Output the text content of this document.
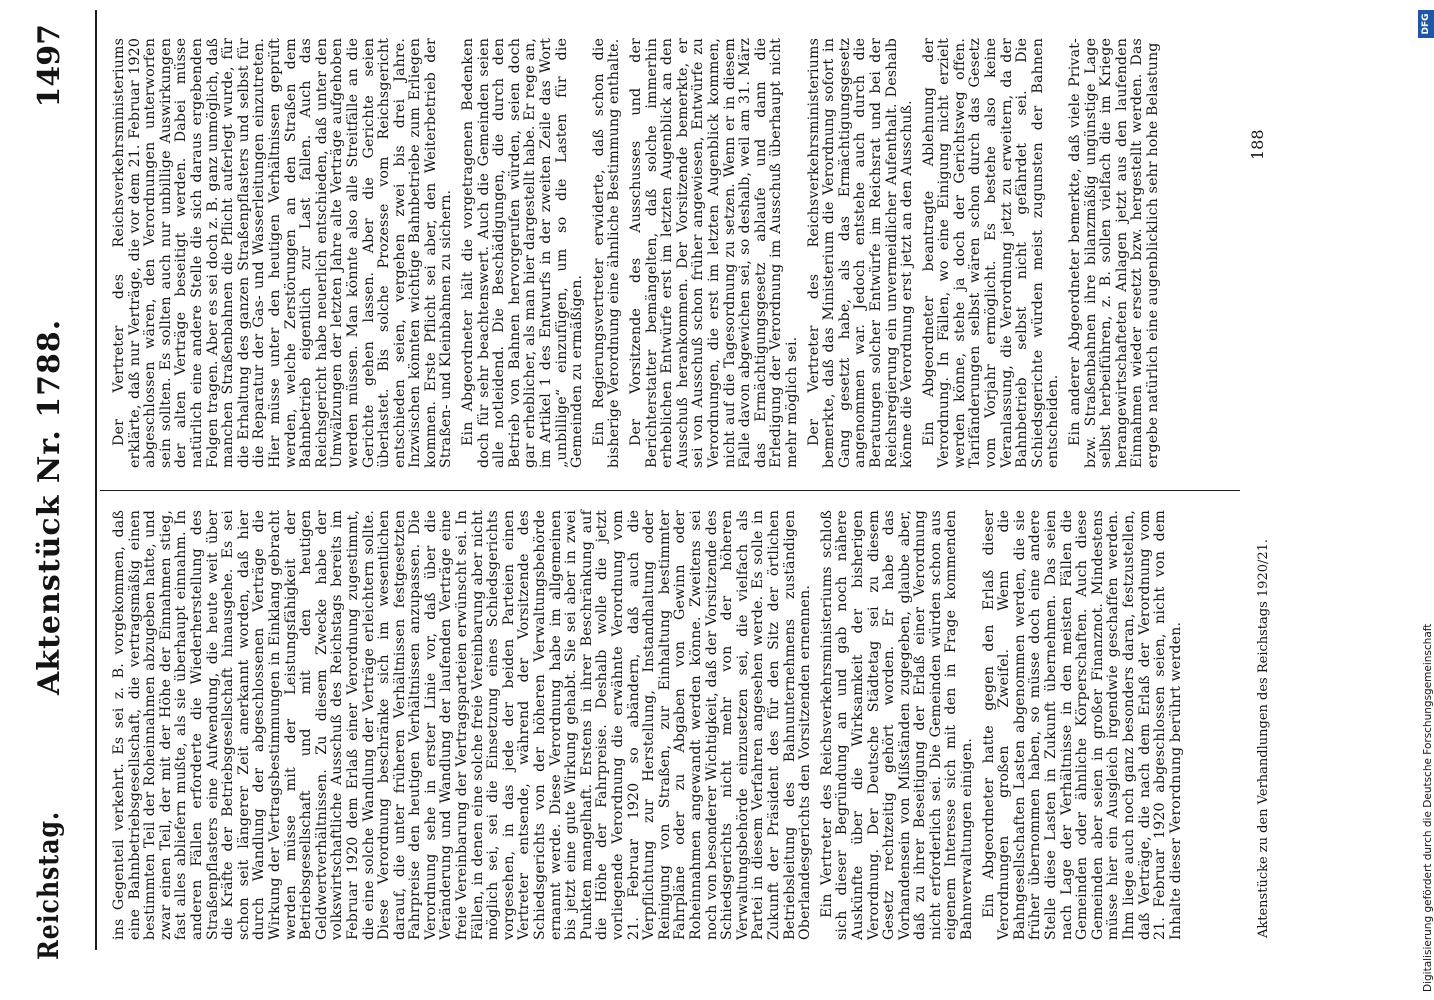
Reichstag.
Aktenstück Nr. 1788.
1497

ins Gegenteil verkehrt. Es sei z. B. vorgekommen, daß eine Bahnbetriebsgesellschaft, die vertragsmäßig einen bestimmten Teil der Roheinnahmen abzugeben hatte, und zwar einen Teil, der mit der Höhe der Einnahmen stieg, fast alles abliefern mußte, als sie überhaupt einnahm. In anderen Fällen erforderte die Wiederherstellung des Straßenpflasters eine Aufwendung, die heute weit über die Kräfte der Betriebsgesellschaft hinausgehe. Es sei schon seit längerer Zeit anerkannt worden, daß hier durch Wandlung der abgeschlossenen Verträge die Wirkung der Vertragsbestimmungen in Einklang gebracht werden müsse mit der Leistungsfähigkeit der Betriebsgesellschaft und mit den heutigen Geldwertverhältnissen. Zu diesem Zwecke habe der volkswirtschaftliche Ausschuß des Reichstags bereits im Februar 1920 dem Erlaß einer Verordnung zugestimmt, die eine solche Wandlung der Verträge erleichtern sollte. Diese Verordnung beschränke sich im wesentlichen darauf, die unter früheren Verhältnissen festgesetzten Fahrpreise den heutigen Verhältnissen anzupassen. Die Verordnung sehe in erster Linie vor, daß über die Veränderung und Wandlung der laufenden Verträge eine freie Vereinbarung der Vertragsparteien erwünscht sei. In Fällen, in denen eine solche freie Vereinbarung aber nicht möglich sei, sei die Einsetzung eines Schiedsgerichts vorgesehen, in das jede der beiden Parteien einen Vertreter entsende, während der Vorsitzende des Schiedsgerichts von der höheren Verwaltungsbehörde ernannt werde. Diese Verordnung habe im allgemeinen bis jetzt eine gute Wirkung gehabt. Sie sei aber in zwei Punkten mangelhaft. Erstens in ihrer Beschränkung auf die Höhe der Fahrpreise. Deshalb wolle die jetzt vorliegende Verordnung die erwähnte Verordnung vom 21. Februar 1920 so abändern, daß auch die Verpflichtung zur Herstellung, Instandhaltung oder Reinigung von Straßen, zur Einhaltung bestimmter Fahrpläne oder zu Abgaben von Gewinn oder Roheinnahmen angewandt werden könne. Zweitens sei noch von besonderer Wichtigkeit, daß der Vorsitzende des Schiedsgerichts nicht mehr von der höheren Verwaltungsbehörde einzusetzen sei, die vielfach als Partei in diesem Verfahren angesehen werde. Es solle in Zukunft der Präsident des für den Sitz der örtlichen Betriebsleitung des Bahnunternehmens zuständigen Oberlandesgerichts den Vorsitzenden ernennen. Ein Vertreter des Reichsverkehrsministeriums schloß sich dieser Begründung an und gab noch nähere Auskünfte über die Wirksamkeit der bisherigen Verordnung. Der Deutsche Städtetag sei zu diesem Gesetz rechtzeitig gehört worden. Er habe das Vorhandensein von Mißständen zugegeben, glaube aber, daß zu ihrer Beseitigung der Erlaß einer Verordnung nicht erforderlich sei. Die Gemeinden würden schon aus eigenem Interesse sich mit den in Frage kommenden Bahnverwaltungen einigen. Ein Abgeordneter hatte gegen den Erlaß dieser Verordnungen großen Zweifel. Wenn die Bahngesellschaften Lasten abgenommen werden, die sie früher übernommen haben, so müsse doch eine andere Stelle diese Lasten in Zukunft übernehmen. Das seien nach Lage der Verhältnisse in den meisten Fällen die Gemeinden oder ähnliche Körperschaften. Auch diese Gemeinden aber seien in großer Finanznot. Mindestens müsse hier ein Ausgleich irgendwie geschaffen werden. Ihm liege auch noch ganz besonders daran, festzustellen, daß Verträge, die nach dem Erlaß der Verordnung vom 21. Februar 1920 abgeschlossen seien, nicht von dem Inhalte dieser Verordnung berührt werden.

Der Vertreter des Reichsverkehrsministeriums erklärte, daß nur Verträge, die vor dem 21. Februar 1920 abgeschlossen wären, den Verordnungen unterworfen sein sollten. Es sollten auch nur unbillige Auswirkungen der alten Verträge beseitigt werden. Dabei müsse natürlich eine andere Stelle die sich daraus ergebenden Folgen tragen. Aber es sei doch z. B. ganz unmöglich, daß manchen Straßenbahnen die Pflicht auferlegt wurde, für die Erhaltung des ganzen Straßenpflasters und selbst für die Reparatur der Gas- und Wasserleitungen einzutreten. Hier müsse unter den heutigen Verhältnissen geprüft werden, welche Zerstörungen an den Straßen dem Bahnbetrieb eigentlich zur Last fallen. Auch das Reichsgericht habe neuerlich entschieden, daß unter den Umwälzungen der letzten Jahre alte Verträge aufgehoben werden müssen. Man könnte also alle Streitfälle an die Gerichte gehen lassen. Aber die Gerichte seien überlastet. Bis solche Prozesse vom Reichsgericht entschieden seien, vergehen zwei bis drei Jahre. Inzwischen könnten wichtige Bahnbetriebe zum Erliegen kommen. Erste Pflicht sei aber, den Weiterbetrieb der Straßen- und Kleinbahnen zu sichern. Ein Abgeordneter hält die vorgetragenen Bedenken doch für sehr beachtenswert. Auch die Gemeinden seien alle notleidend. Die Beschädigungen, die durch den Betrieb von Bahnen hervorgerufen würden, seien doch gar erheblicher, als man hier dargestellt habe. Er rege an, im Artikel 1 des Entwurfs in der zweiten Zeile das Wort „unbillige“ einzufügen, um so die Lasten für die Gemeinden zu ermäßigen. Ein Regierungsvertreter erwiderte, daß schon die bisherige Verordnung eine ähnliche Bestimmung enthalte. Der Vorsitzende des Ausschusses und der Berichterstatter bemängelten, daß solche immerhin erheblichen Entwürfe erst im letzten Augenblick an den Ausschuß herankommen. Der Vorsitzende bemerkte, er sei von Ausschuß schon früher angewiesen, Entwürfe zu Verordnungen, die erst im letzten Augenblick kommen, nicht auf die Tagesordnung zu setzen. Wenn er in diesem Falle davon abgewichen sei, so deshalb, weil am 31. März das Ermächtigungsgesetz ablaufe und dann die Erledigung der Verordnung im Ausschuß überhaupt nicht mehr möglich sei. Der Vertreter des Reichsverkehrsministeriums bemerkte, daß das Ministerium die Verordnung sofort in Gang gesetzt habe, als das Ermächtigungsgesetz angenommen war. Jedoch entstehe auch durch die Beratungen solcher Entwürfe im Reichsrat und bei der Reichsregierung ein unvermeidlicher Aufenthalt. Deshalb könne die Verordnung erst jetzt an den Ausschuß. Ein Abgeordneter beantragte Ablehnung der Verordnung. In Fällen, wo eine Einigung nicht erzielt werden könne, stehe ja doch der Gerichtsweg offen. Tarifänderungen selbst wären schon durch das Gesetz vom Vorjahr ermöglicht. Es bestehe also keine Veranlassung, die Verordnung jetzt zu erweitern, da der Bahnbetrieb selbst nicht gefährdet sei. Die Schiedsgerichte würden meist zugunsten der Bahnen entscheiden. Ein anderer Abgeordneter bemerkte, daß viele Privat- bzw. Straßenbahnen ihre bilanzmäßig ungünstige Lage selbst herbeiführen, z. B. sollen vielfach die im Kriege herangewirtschafteten Anlagen jetzt aus den laufenden Einnahmen wieder ersetzt bzw. hergestellt werden. Das ergebe natürlich eine augenblicklich sehr hohe Belastung

Aktenstücke zu den Verhandlungen des Reichstags 1920/21.
188
Digitalisierung gefördert durch die Deutsche Forschungsgemeinschaft
DFG
